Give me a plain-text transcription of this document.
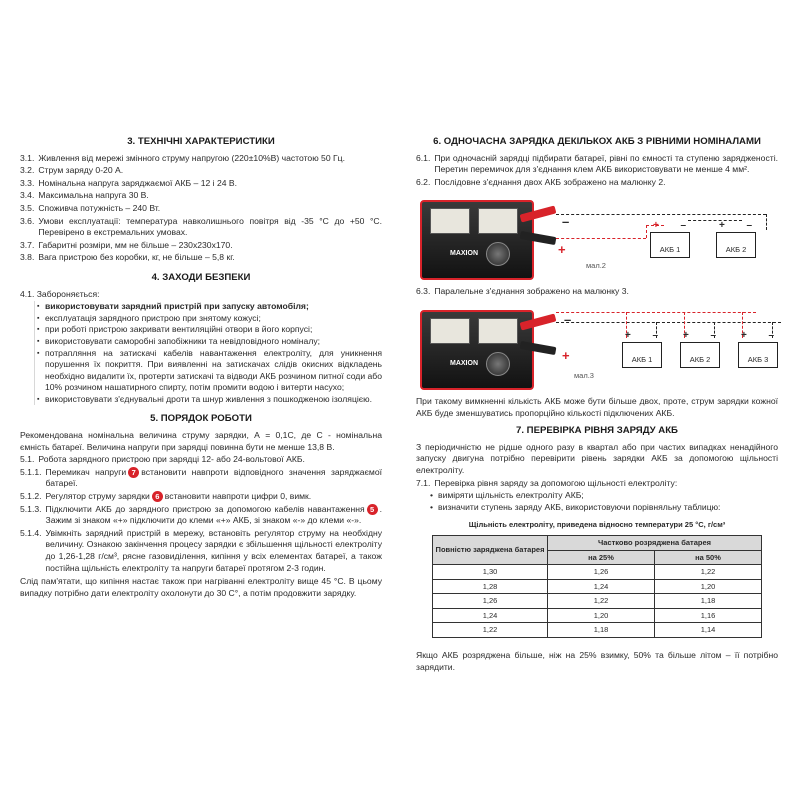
3. ТЕХНІЧНІ ХАРАКТЕРИСТИКИ
3.1. Живлення від мережі змінного струму напругою (220±10%В) частотою 50 Гц.
3.2. Струм заряду 0-20 А.
3.3. Номінальна напруга заряджаємої АКБ – 12 і 24 В.
3.4. Максимальна напруга 30 В.
3.5. Споживча потужність – 240 Вт.
3.6. Умови експлуатації: температура навколишнього повітря від -35 °С до +50 °С. Перевірено в екстремальних умовах.
3.7. Габаритні розміри, мм не більше – 230х230х170.
3.8. Вага пристрою без коробки, кг, не більше – 5,8 кг.
4. ЗАХОДИ БЕЗПЕКИ

4.1. Забороняється:

▪ використовувати зарядний пристрій при запуску автомобіля;
▪ експлуатація зарядного пристрою при знятому кожусі;
▪ при роботі пристрою закривати вентиляційні отвори в його корпусі;
▪ використовувати саморобні запобіжники та невідповідного номіналу;
▪ потрапляння на затискачі кабелів навантаження електроліту, для уникнення порушення їх покриття. При виявленні на затискачах слідів окисних відкладень необхідно видалити їх, протерти затискачі та відводи АКБ розчином питної соди або 10% розчином нашатирного спирту, потім промити водою і витерти насухо;
▪ використовувати з'єднувальні дроти та шнур живлення з пошкодженою ізоляцією.
5. ПОРЯДОК РОБОТИ

Рекомендована номінальна величина струму зарядки, А = 0,1С, де С - номінальна ємність батареї. Величина напруги при зарядці повинна бути не менше 13,8 В.

5.1. Робота зарядного пристрою при зарядці 12- або 24-вольтової АКБ.
5.1.1. Перемикач напруги 7 встановити навпроти відповідного значення заряджаємої батареї.
5.1.2. Регулятор струму зарядки 6 встановити навпроти цифри 0, вимк.
5.1.3. Підключити АКБ до зарядного пристрою за допомогою кабелів навантаження 5 . Зажим зі знаком «+» підключити до клеми «+» АКБ, зі знаком «-» до клеми «-».
5.1.4. Увімкніть зарядний пристрій в мережу, встановіть регулятор струму на необхідну величину. Ознакою закінчення процесу зарядки є збільшення щільності електроліту до 1,26-1,28 г/см³, рясне газовиділення, кипіння у всіх елементах батареї, а також постійна щільність електроліту та напруги батареї протягом 2-3 годин.

Слід пам'ятати, що кипіння настає також при нагріванні електроліту вище 45 °С. В цьому випадку потрібно дати електроліту охолонути до 30 С°, а потім продовжити зарядку.

6. ОДНОЧАСНА ЗАРЯДКА ДЕКІЛЬКОХ АКБ З РІВНИМИ НОМІНАЛАМИ
6.1. При одночасній зарядці підбирати батареї, рівні по ємності та ступеню зарядженості. Перетин перемичок для з'єднання клем АКБ використовувати не менше 4 мм².
6.2. Послідовне з'єднання двох АКБ зображено на малюнку 2.
MAXION
–
+
+ –
АКБ 1
+ –
АКБ 2
мал.2
6.3. Паралельне з'єднання зображено на малюнку 3.
MAXION
–
+
+ –
АКБ 1
+ –
АКБ 2
+ –
АКБ 3
мал.3

При такому вимкненні кількість АКБ може бути більше двох, проте, струм зарядки кожної АКБ буде зменшуватись пропорційно кількості підключених АКБ.

7. ПЕРЕВІРКА РІВНЯ ЗАРЯДУ АКБ

З періодичністю не рідше одного разу в квартал або при частих випадках ненадійного запуску двигуна потрібно перевірити рівень зарядки АКБ за допомогою щільності електроліту.

7.1. Перевірка рівня заряду за допомогою щільності електроліту:
• виміряти щільність електроліту АКБ;
• визначити ступень заряду АКБ, використовуючи порівняльну таблицю:
Щільність електроліту, приведена відносно температури 25 °С, г/см³
Повністю заряджена батарея	Частково розряджена батарея	
	на 25%	на 50%
1,30	1,26	1,22
1,28	1,24	1,20
1,26	1,22	1,18
1,24	1,20	1,16
1,22	1,18	1,14

Якщо АКБ розряджена більше, ніж на 25% взимку, 50% та більше літом – її потрібно зарядити.
